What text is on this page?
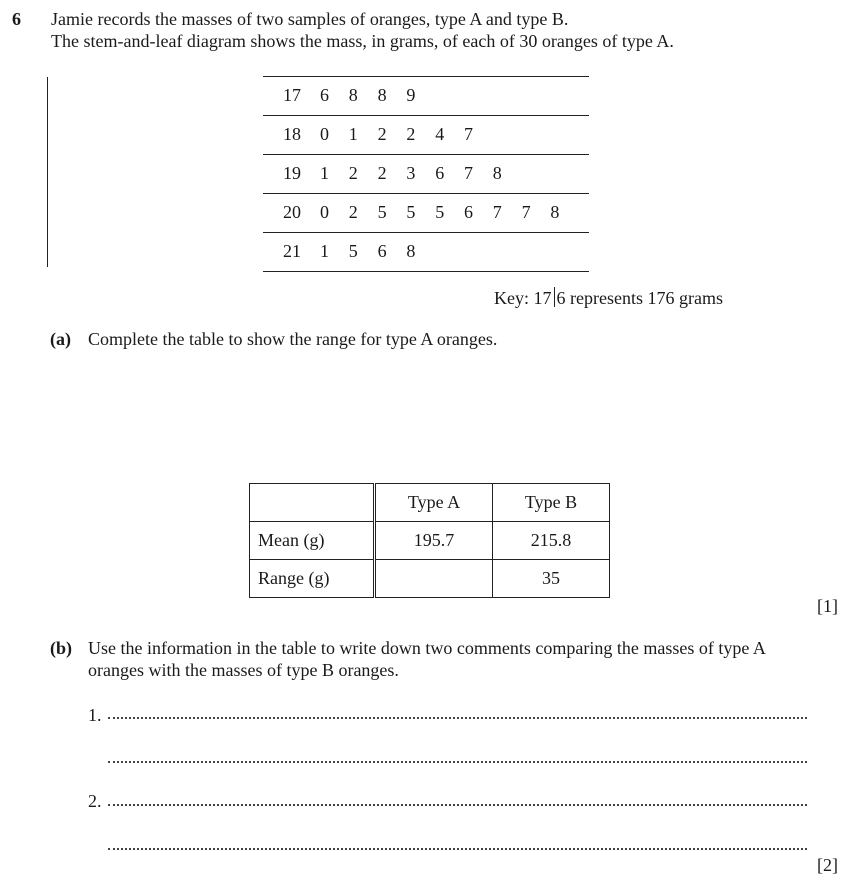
6 Jamie records the masses of two samples of oranges, type A and type B.
The stem-and-leaf diagram shows the mass, in grams, of each of 30 oranges of type A.
17 6 8 8 9
18 0 1 2 2 4 7
19 1 2 2 3 6 7 8
20 0 2 5 5 5 6 7 7 8
21 1 5 6 8
Key: 17 6 represents 176 grams
(a) Complete the table to show the range for type A oranges.
	Type A	Type B
Mean (g)	195.7	215.8
Range (g)		35
[1]
(b) Use the information in the table to write down two comments comparing the masses of type A
oranges with the masses of type B oranges.
1.
2.
[2]
